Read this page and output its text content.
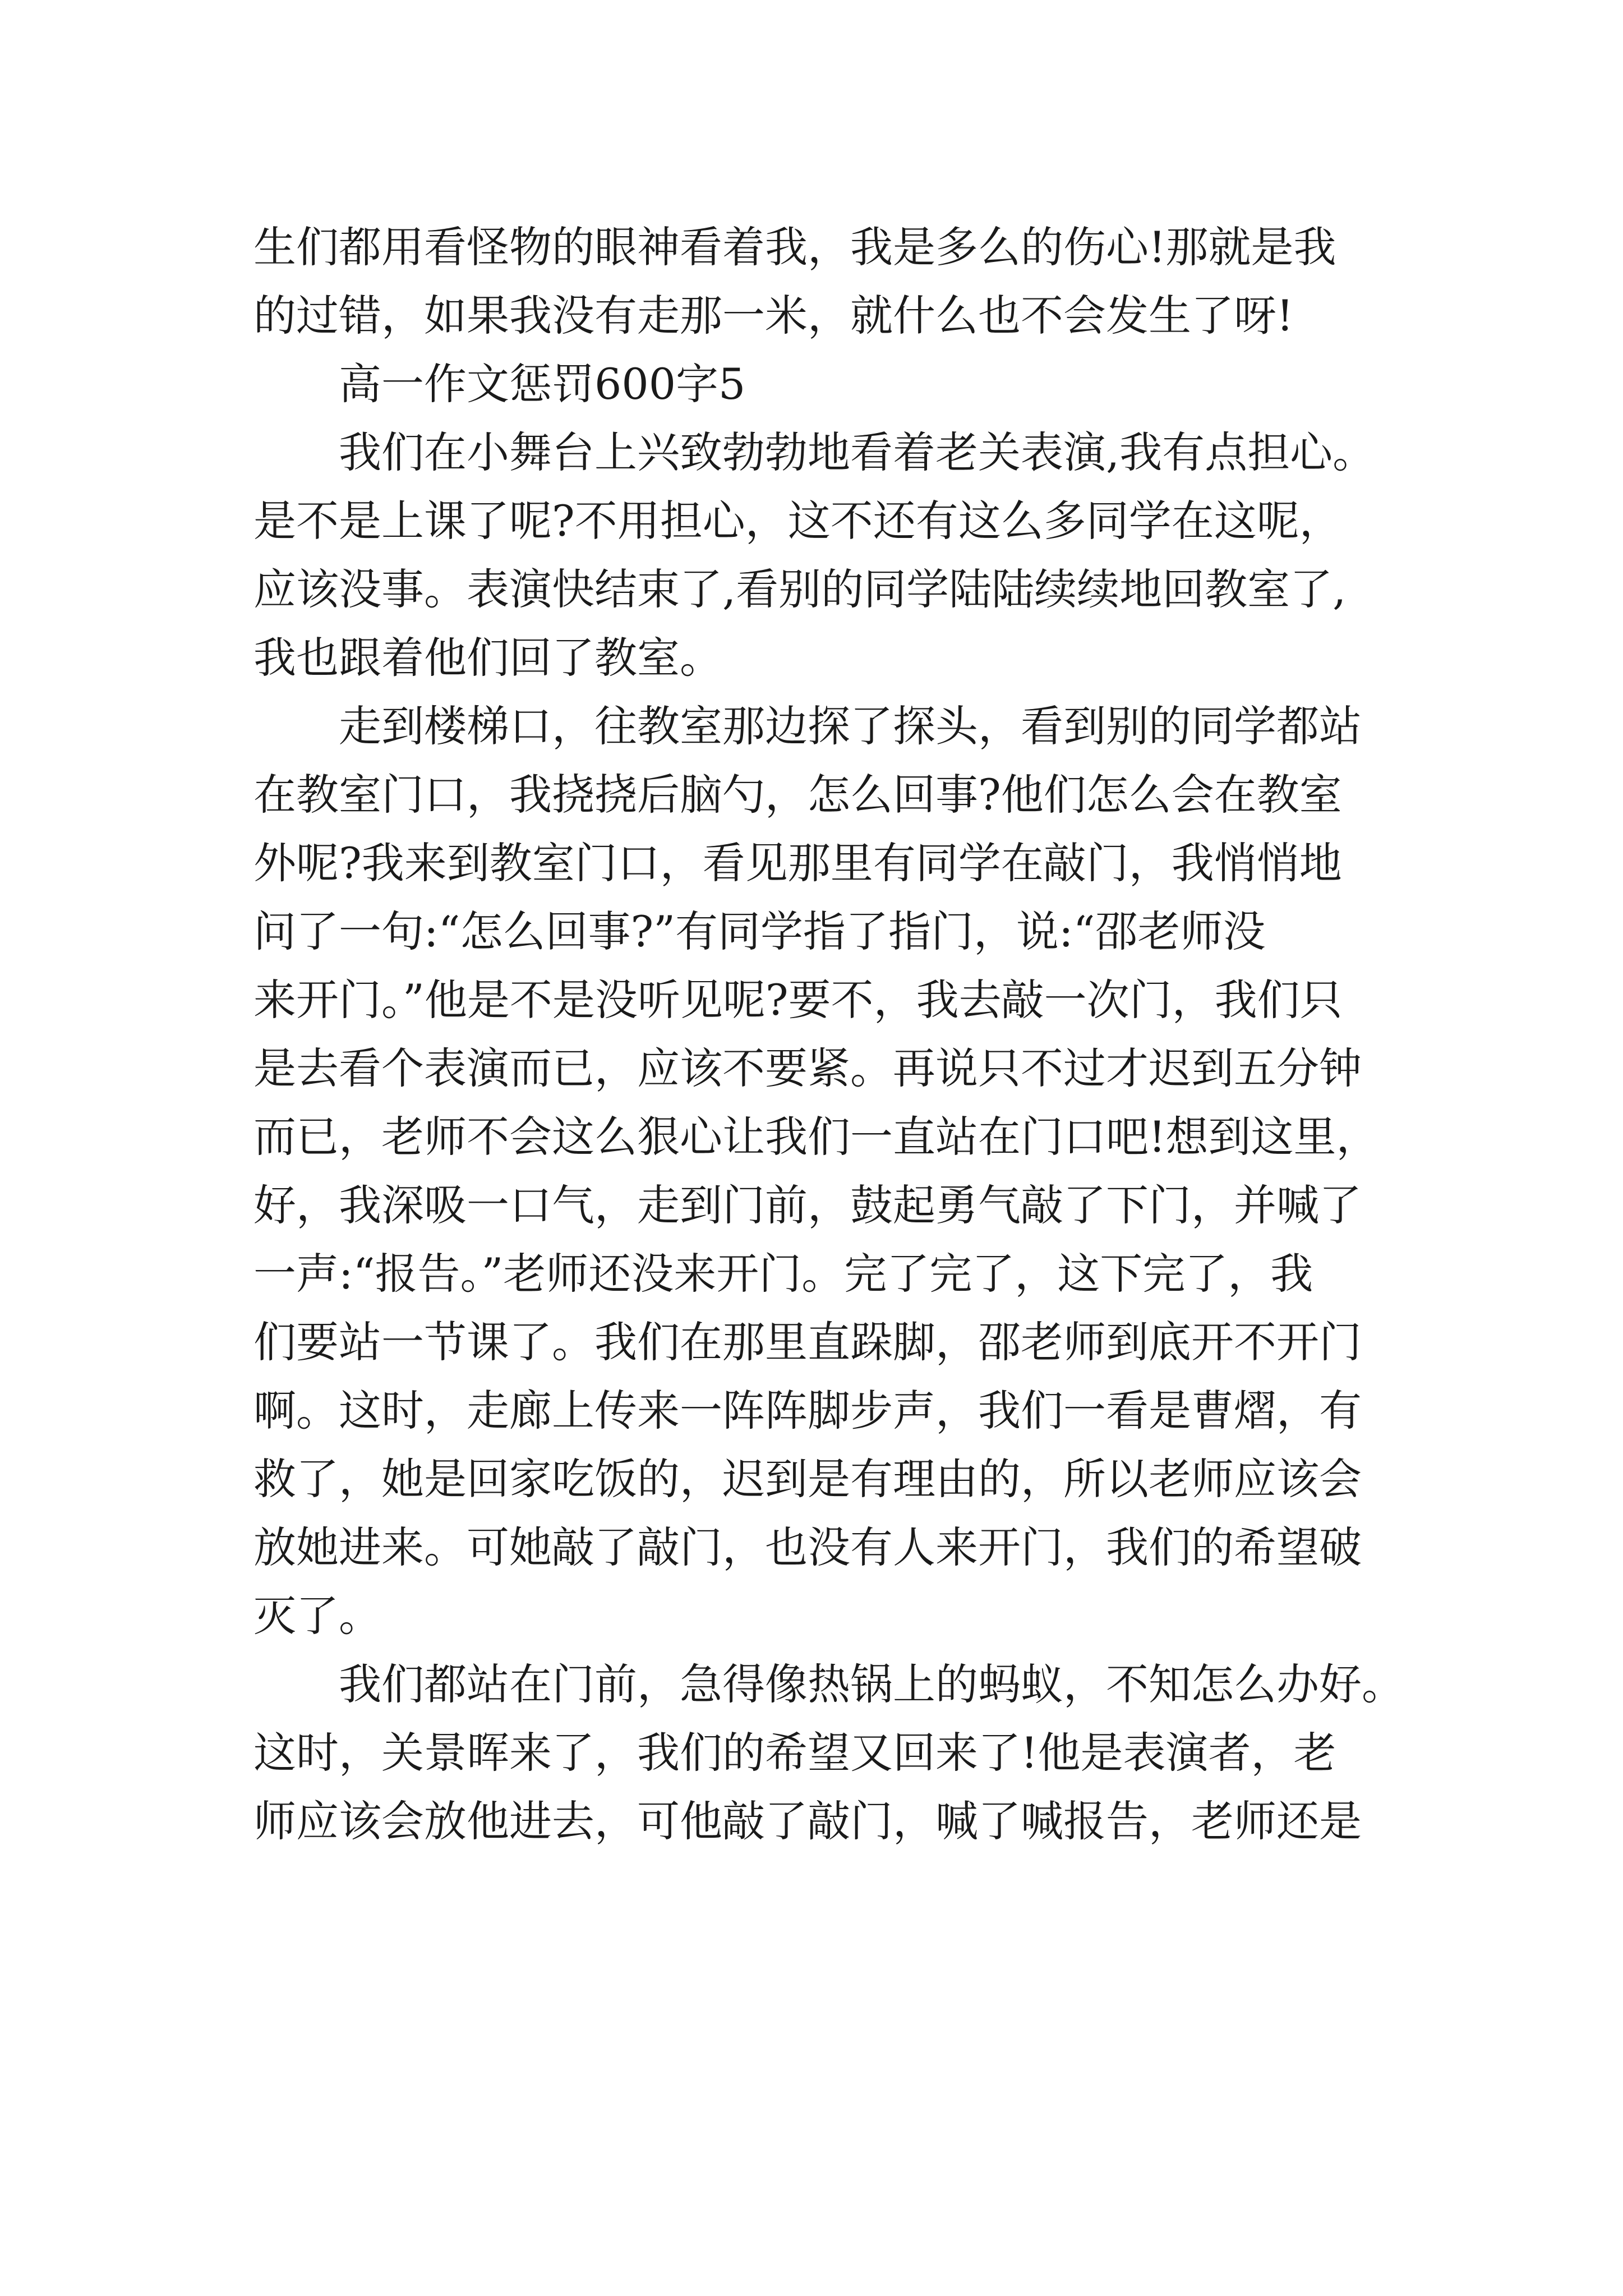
生们都用看怪物的眼神看着我，我是多么的伤心!那就是我
的过错，如果我没有走那一米，就什么也不会发生了呀!
高一作文惩罚600字5
我们在小舞台上兴致勃勃地看着老关表演,我有点担心。
是不是上课了呢?不用担心，这不还有这么多同学在这呢，
应该没事。表演快结束了,看别的同学陆陆续续地回教室了,
我也跟着他们回了教室。
走到楼梯口，往教室那边探了探头，看到别的同学都站
在教室门口，我挠挠后脑勺，怎么回事?他们怎么会在教室
外呢?我来到教室门口，看见那里有同学在敲门，我悄悄地
问了一句:“怎么回事?”有同学指了指门，说:“邵老师没
来开门。”他是不是没听见呢?要不，我去敲一次门，我们只
是去看个表演而已，应该不要紧。再说只不过才迟到五分钟
而已，老师不会这么狠心让我们一直站在门口吧!想到这里，
好，我深吸一口气，走到门前，鼓起勇气敲了下门，并喊了
一声:“报告。”老师还没来开门。完了完了，这下完了，我
们要站一节课了。我们在那里直跺脚，邵老师到底开不开门
啊。这时，走廊上传来一阵阵脚步声，我们一看是曹熠，有
救了，她是回家吃饭的，迟到是有理由的，所以老师应该会
放她进来。可她敲了敲门，也没有人来开门，我们的希望破
灭了。
我们都站在门前，急得像热锅上的蚂蚁，不知怎么办好。
这时，关景晖来了，我们的希望又回来了!他是表演者，老
师应该会放他进去，可他敲了敲门，喊了喊报告，老师还是
